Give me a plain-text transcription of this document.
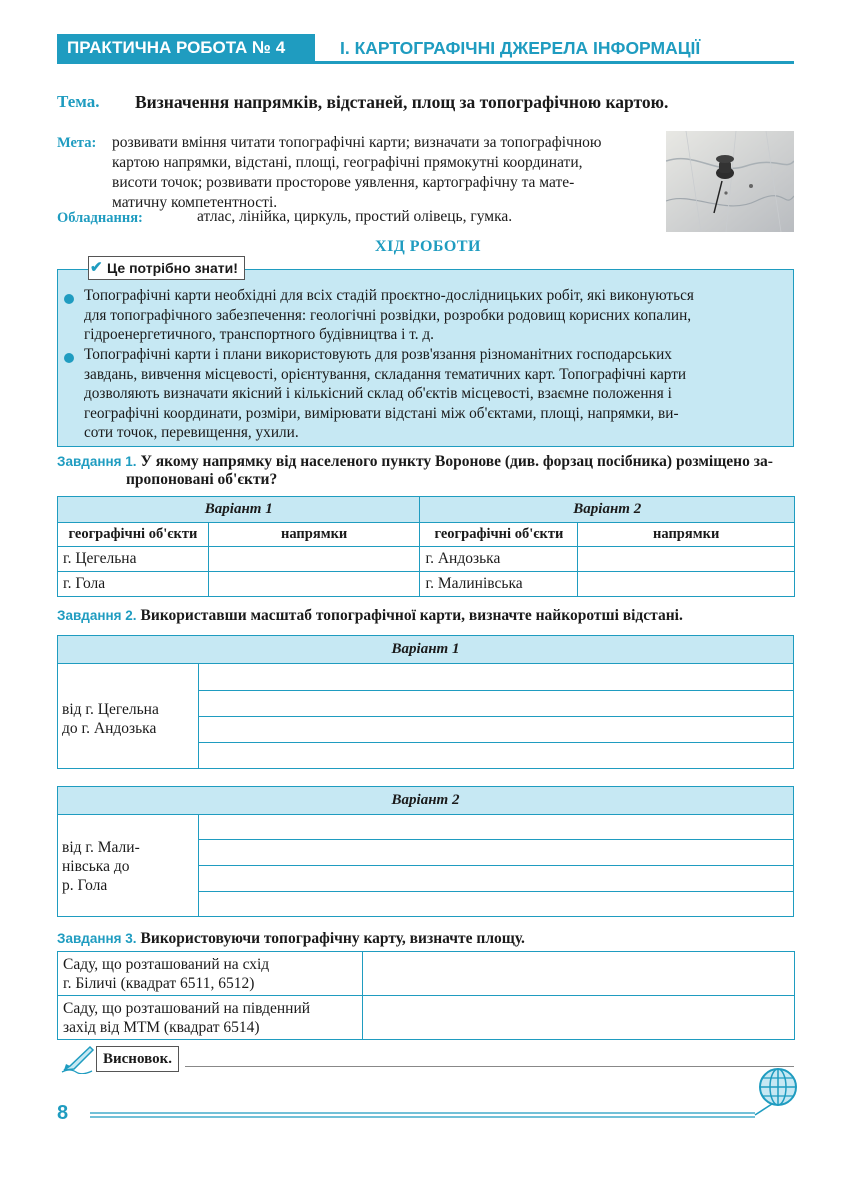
ПРАКТИЧНА РОБОТА № 4	І. КАРТОГРАФІЧНІ ДЖЕРЕЛА ІНФОРМАЦІЇ
Тема. Визначення напрямків, відстаней, площ за топографічною картою.
Мета: розвивати вміння читати топографічні карти; визначати за топографічною
картою напрямки, відстані, площі, географічні прямокутні координати,
висоти точок; розвивати просторове уявлення, картографічну та мате-
матичну компетентності.
Обладнання:	атлас, лінійка, циркуль, простий олівець, гумка.
ХІД РОБОТИ
Це потрібно знати!
✔
Топографічні карти необхідні для всіх стадій проєктно-дослідницьких робіт, які виконуються
для топографічного забезпечення: геологічні розвідки, розробки родовищ корисних копалин,
гідроенергетичного, транспортного будівництва і т. д.
Топографічні карти і плани використовують для розв'язання різноманітних господарських
завдань, вивчення місцевості, орієнтування, складання тематичних карт. Топографічні карти
дозволяють визначати якісний і кількісний склад об'єктів місцевості, взаємне положення і
географічні координати, розміри, вимірювати відстані між об'єктами, площі, напрямки, ви-
соти точок, перевищення, ухили.
Завдання 1. У якому напрямку від населеного пункту Воронове (див. форзац посібника) розміщено за-
пропоновані об'єкти?
Варіант 1		Варіант 2	
географічні об'єкти	напрямки	географічні об'єкти	напрямки
г. Цегельна		г. Андозька	
г. Гола		г. Малинівська	
Завдання 2. Використавши масштаб топографічної карти, визначте найкоротші відстані.
Варіант 1
від г. Цегельна
до г. Андозька
Варіант 2
від г. Мали-
нівська до
р. Гола
Завдання 3. Використовуючи топографічну карту, визначте площу.
Саду, що розташований на схід
г. Біличі (квадрат 6511, 6512)	

Саду, що розташований на південний
захід від МТМ (квадрат 6514)	

Висновок.
8
